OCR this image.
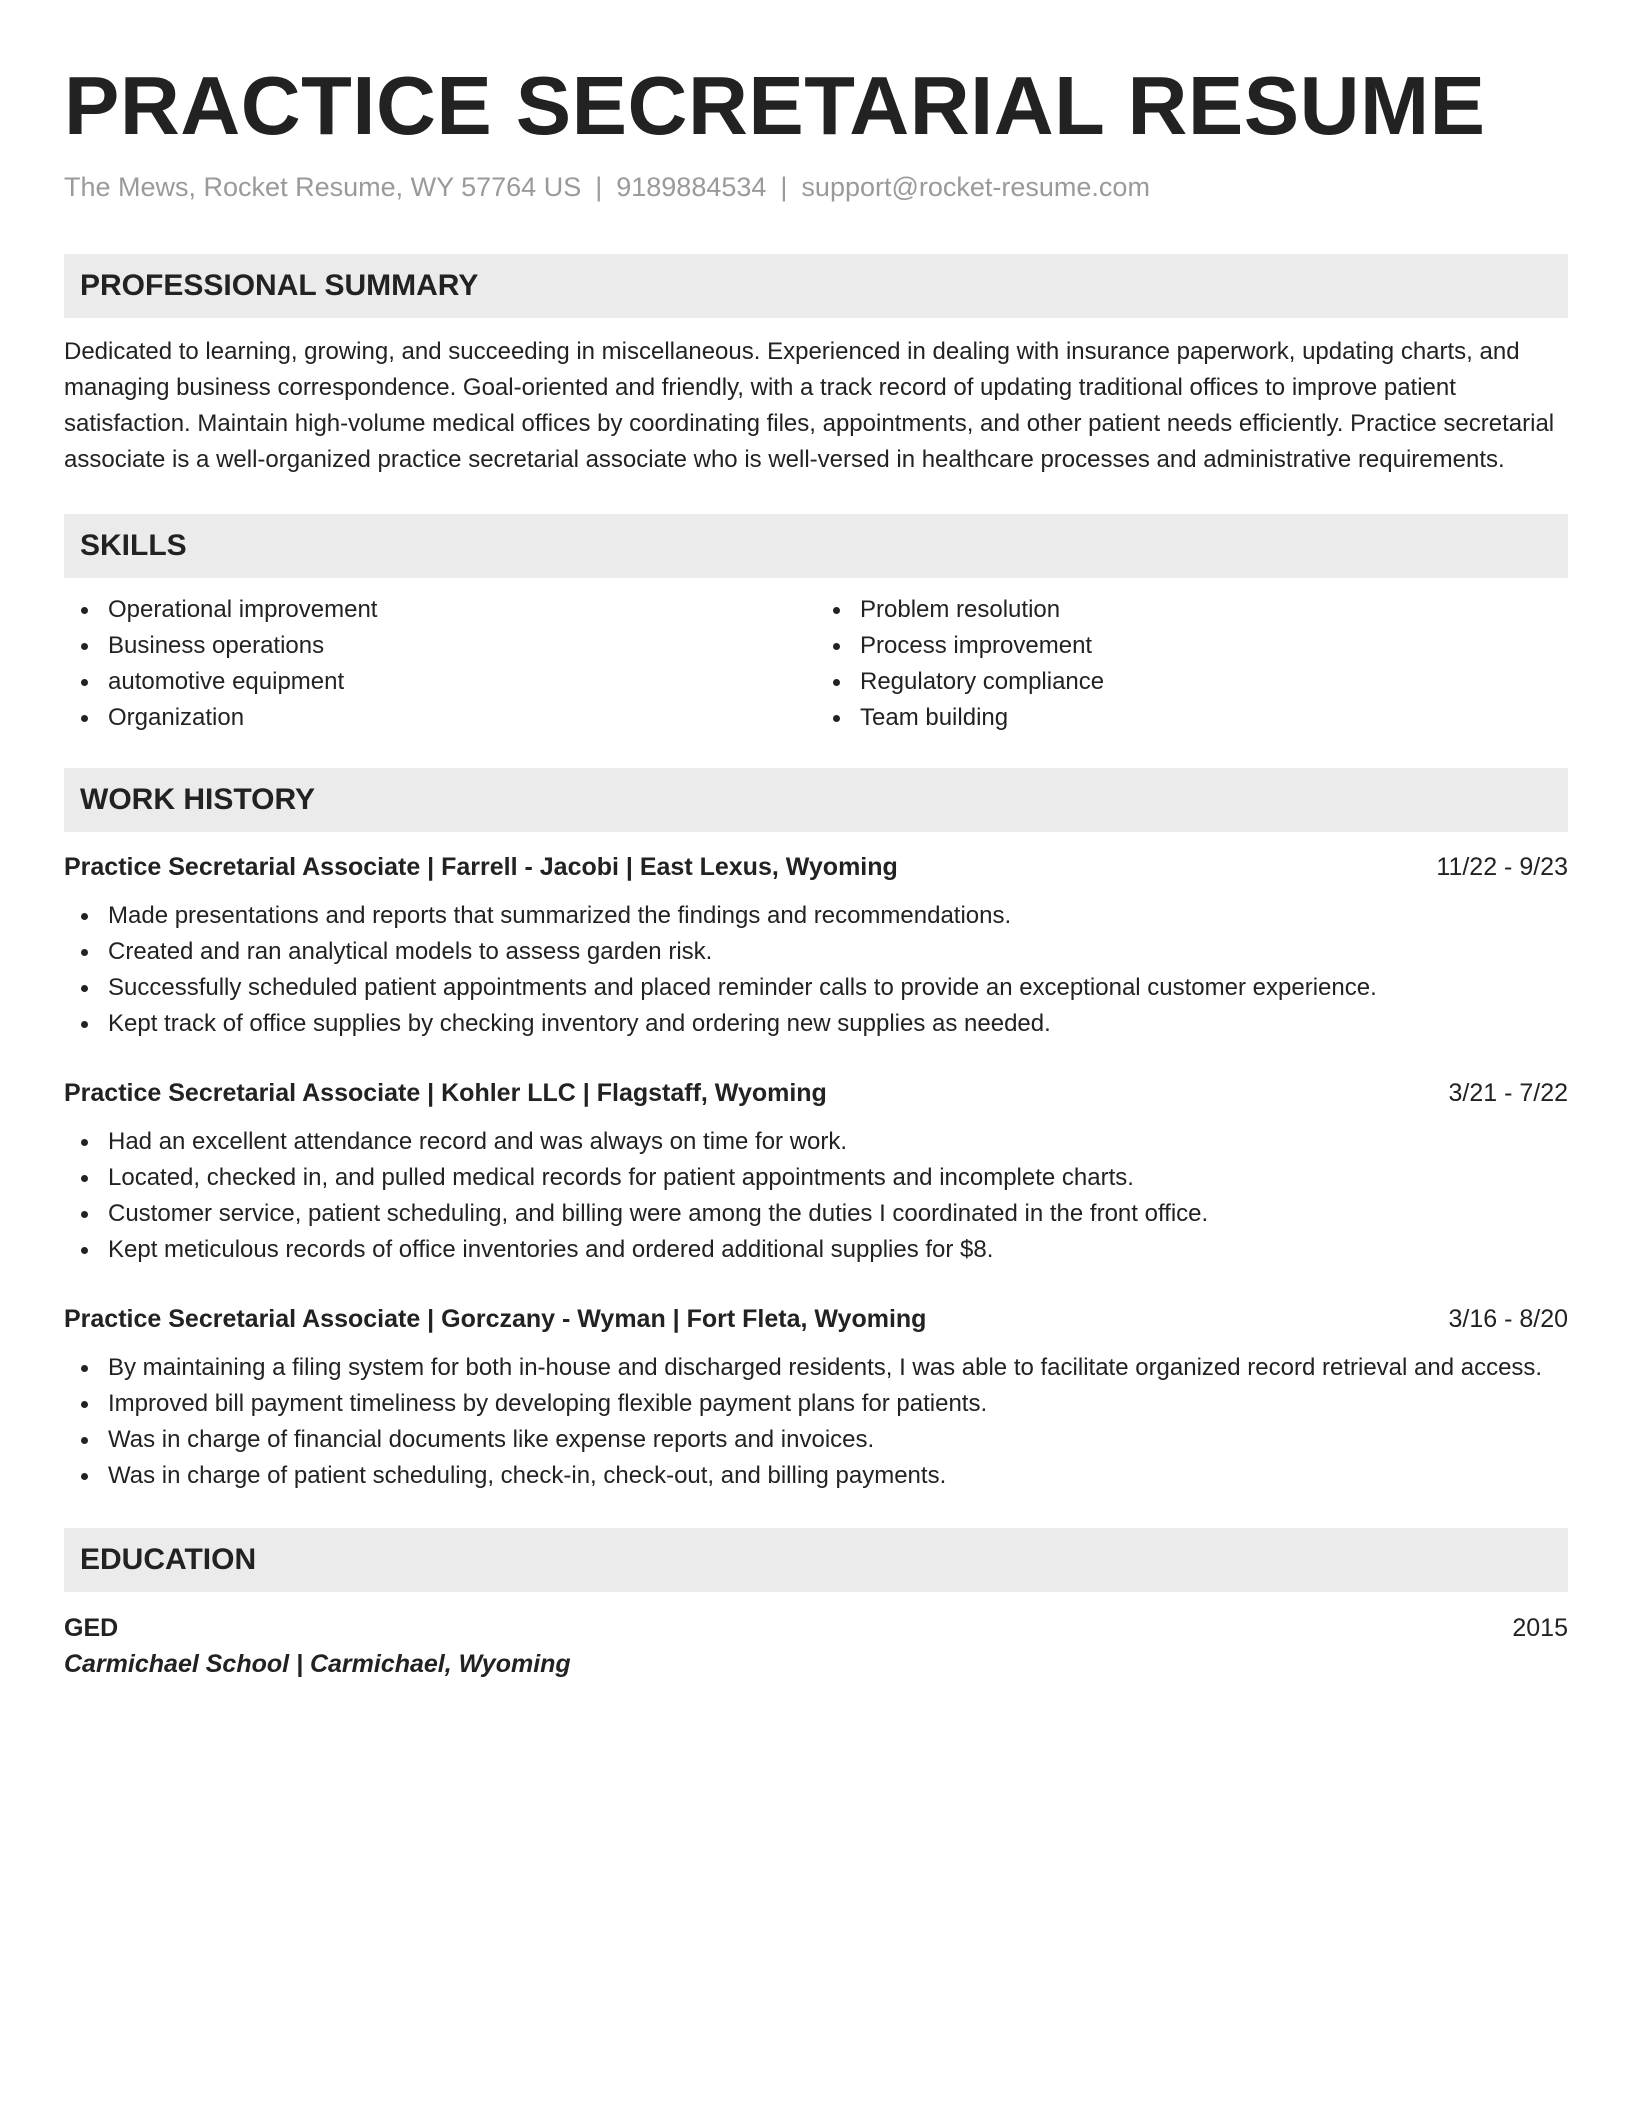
PRACTICE SECRETARIAL RESUME
The Mews, Rocket Resume, WY 57764 US | 9189884534 | support@rocket-resume.com
PROFESSIONAL SUMMARY
Dedicated to learning, growing, and succeeding in miscellaneous. Experienced in dealing with insurance paperwork, updating charts, and managing business correspondence. Goal-oriented and friendly, with a track record of updating traditional offices to improve patient satisfaction. Maintain high-volume medical offices by coordinating files, appointments, and other patient needs efficiently. Practice secretarial associate is a well-organized practice secretarial associate who is well-versed in healthcare processes and administrative requirements.
SKILLS
Operational improvement
Business operations
automotive equipment
Organization
Problem resolution
Process improvement
Regulatory compliance
Team building
WORK HISTORY
Practice Secretarial Associate | Farrell - Jacobi | East Lexus, Wyoming	11/22 - 9/23
Made presentations and reports that summarized the findings and recommendations.
Created and ran analytical models to assess garden risk.
Successfully scheduled patient appointments and placed reminder calls to provide an exceptional customer experience.
Kept track of office supplies by checking inventory and ordering new supplies as needed.
Practice Secretarial Associate | Kohler LLC | Flagstaff, Wyoming	3/21 - 7/22
Had an excellent attendance record and was always on time for work.
Located, checked in, and pulled medical records for patient appointments and incomplete charts.
Customer service, patient scheduling, and billing were among the duties I coordinated in the front office.
Kept meticulous records of office inventories and ordered additional supplies for $8.
Practice Secretarial Associate | Gorczany - Wyman | Fort Fleta, Wyoming	3/16 - 8/20
By maintaining a filing system for both in-house and discharged residents, I was able to facilitate organized record retrieval and access.
Improved bill payment timeliness by developing flexible payment plans for patients.
Was in charge of financial documents like expense reports and invoices.
Was in charge of patient scheduling, check-in, check-out, and billing payments.
EDUCATION
GED	2015
Carmichael School | Carmichael, Wyoming
